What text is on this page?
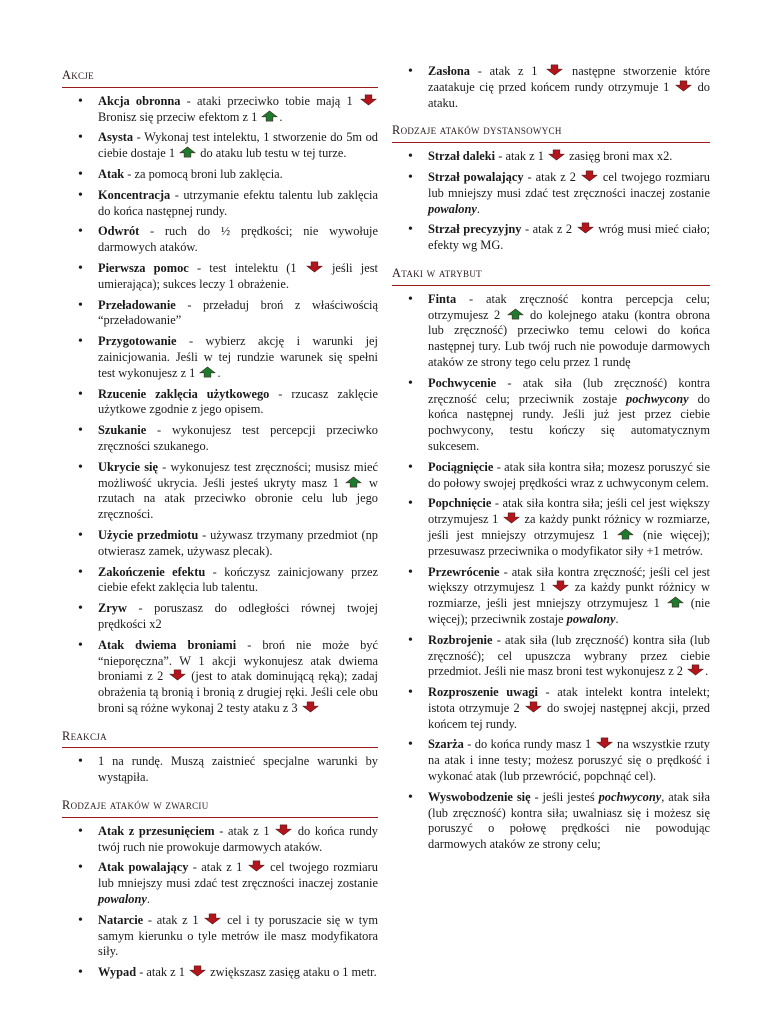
Akcje
• Akcja obronna - ataki przeciwko tobie mają 1  Bronisz się przeciw efektom z 1 .
• Asysta - Wykonaj test intelektu, 1 stworzenie do 5m od ciebie dostaje 1  do ataku lub testu w tej turze.
• Atak - za pomocą broni lub zaklęcia.
• Koncentracja - utrzymanie efektu talentu lub zaklęcia do końca następnej rundy.
• Odwrót - ruch do ½ prędkości; nie wywołuje darmowych ataków.
• Pierwsza pomoc - test intelektu (1  jeśli jest umierająca); sukces leczy 1 obrażenie.
• Przeładowanie - przeładuj broń z właściwością “przeładowanie”
• Przygotowanie - wybierz akcję i warunki jej zainicjowania. Jeśli w tej rundzie warunek się spełni test wykonujesz z 1 .
• Rzucenie zaklęcia użytkowego - rzucasz zaklęcie użytkowe zgodnie z jego opisem.
• Szukanie - wykonujesz test percepcji przeciwko zręczności szukanego.
• Ukrycie się - wykonujesz test zręczności; musisz mieć możliwość ukrycia. Jeśli jesteś ukryty masz 1  w rzutach na atak przeciwko obronie celu lub jego zręczności.
• Użycie przedmiotu - używasz trzymany przedmiot (np otwierasz zamek, używasz plecak).
• Zakończenie efektu - kończysz zainicjowany przez ciebie efekt zaklęcia lub talentu.
• Zryw - poruszasz do odległości równej twojej prędkości x2
• Atak dwiema broniami - broń nie może być “nieporęczna”. W 1 akcji wykonujesz atak dwiema broniami z 2  (jest to atak dominującą ręką); zadaj obrażenia tą bronią i bronią z drugiej ręki. Jeśli cele obu broni są różne wykonaj 2 testy ataku z 3
Reakcja
• 1 na rundę. Muszą zaistnieć specjalne warunki by wystąpiła.
Rodzaje ataków w zwarciu
• Atak z przesunięciem - atak z 1  do końca rundy twój ruch nie prowokuje darmowych ataków.
• Atak powalający - atak z 1  cel twojego rozmiaru lub mniejszy musi zdać test zręczności inaczej zostanie powalony.
• Natarcie - atak z 1  cel i ty poruszacie się w tym samym kierunku o tyle metrów ile masz modyfikatora siły.
• Wypad - atak z 1  zwiększasz zasięg ataku o 1 metr.
• Zasłona - atak z 1  następne stworzenie które zaatakuje cię przed końcem rundy otrzymuje 1  do ataku.
Rodzaje ataków dystansowych
• Strzał daleki - atak z 1  zasięg broni max x2.
• Strzał powalający - atak z 2  cel twojego rozmiaru lub mniejszy musi zdać test zręczności inaczej zostanie powalony.
• Strzał precyzyjny - atak z 2  wróg musi mieć ciało; efekty wg MG.
Ataki w atrybut
• Finta - atak zręczność kontra percepcja celu; otrzymujesz 2  do kolejnego ataku (kontra obrona lub zręczność) przeciwko temu celowi do końca następnej tury. Lub twój ruch nie powoduje darmowych ataków ze strony tego celu przez 1 rundę
• Pochwycenie - atak siła (lub zręczność) kontra zręczność celu; przeciwnik zostaje pochwycony do końca następnej rundy. Jeśli już jest przez ciebie pochwycony, testu kończy się automatycznym sukcesem.
• Pociągnięcie - atak siła kontra siła; mozesz poruszyć sie do połowy swojej prędkości wraz z uchwyconym celem.
• Popchnięcie - atak siła kontra siła; jeśli cel jest większy otrzymujesz 1  za każdy punkt różnicy w rozmiarze, jeśli jest mniejszy otrzymujesz 1  (nie więcej); przesuwasz przeciwnika o modyfikator siły +1 metrów.
• Przewrócenie - atak siła kontra zręczność; jeśli cel jest większy otrzymujesz 1  za każdy punkt różnicy w rozmiarze, jeśli jest mniejszy otrzymujesz 1  (nie więcej); przeciwnik zostaje powalony.
• Rozbrojenie - atak siła (lub zręczność) kontra siła (lub zręczność); cel upuszcza wybrany przez ciebie przedmiot. Jeśli nie masz broni test wykonujesz z 2 .
• Rozproszenie uwagi - atak intelekt kontra intelekt; istota otrzymuje 2  do swojej następnej akcji, przed końcem tej rundy.
• Szarża - do końca rundy masz 1  na wszystkie rzuty na atak i inne testy; możesz poruszyć się o prędkość i wykonać atak (lub przewrócić, popchnąć cel).
• Wyswobodzenie się - jeśli jesteś pochwycony, atak siła (lub zręczność) kontra siła; uwalniasz się i możesz się poruszyć o połowę prędkości nie powodując darmowych ataków ze strony celu;
